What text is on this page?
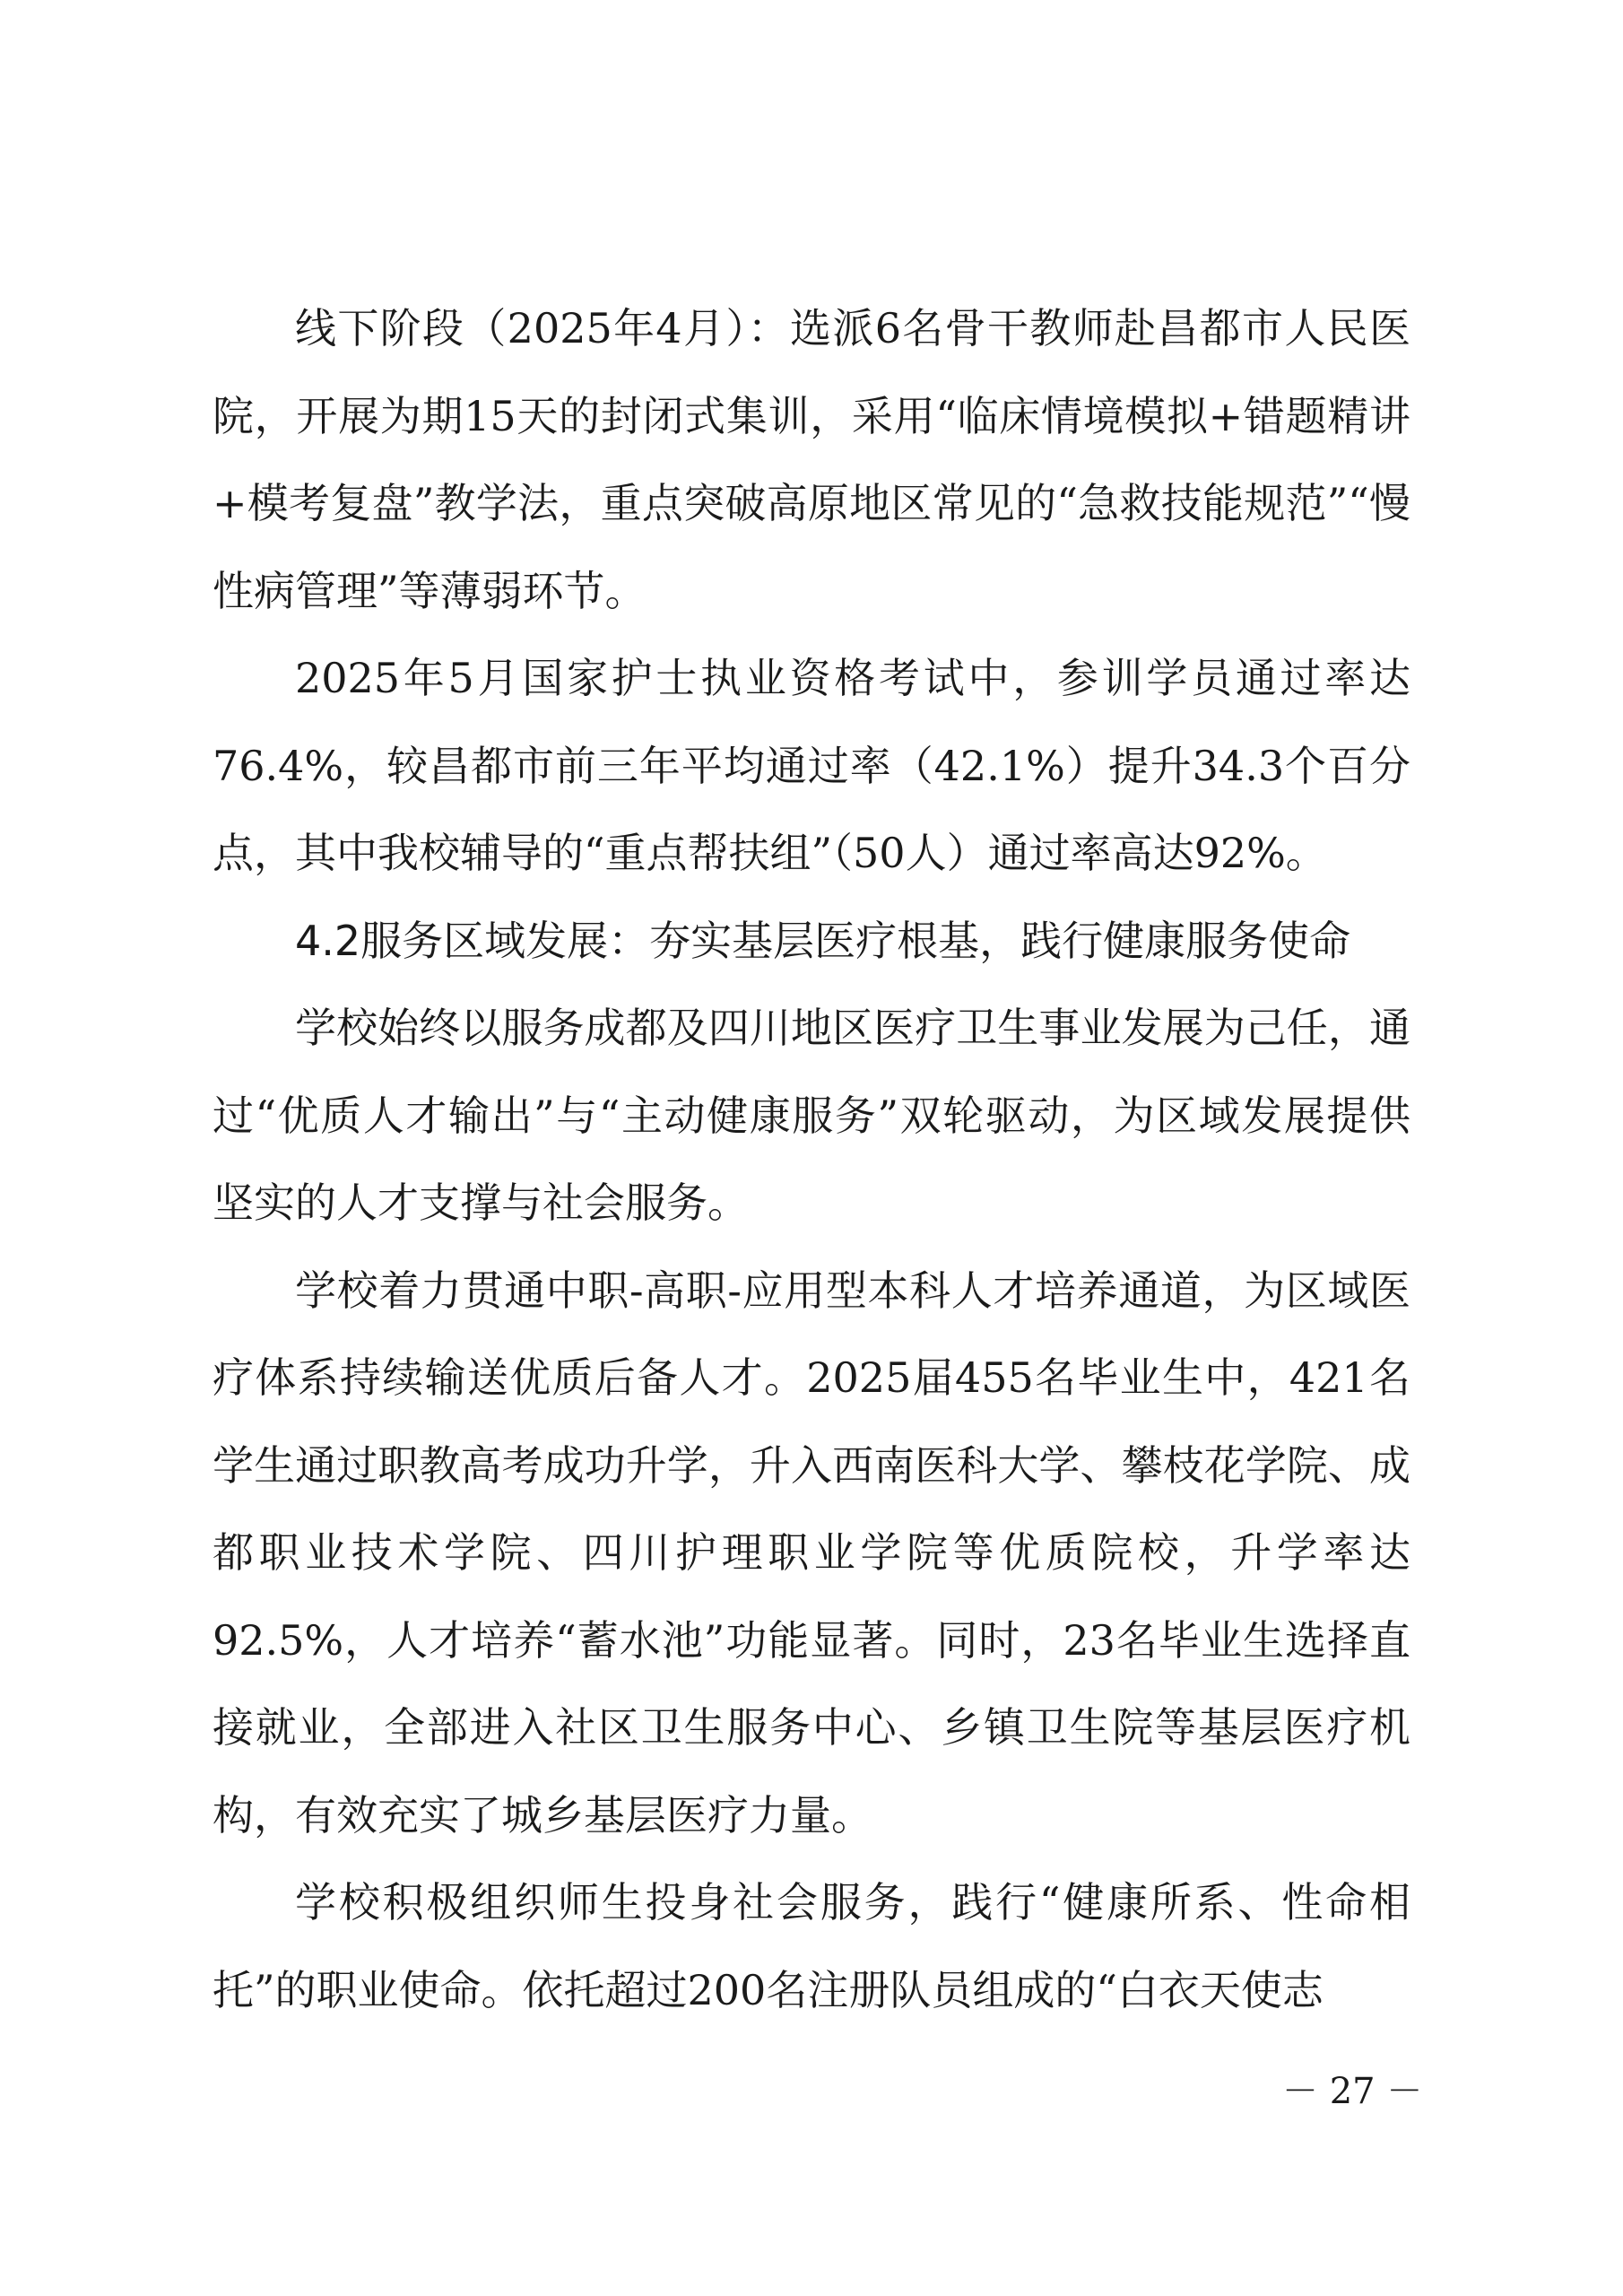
线下阶段（2025年4月）：选派6名骨干教师赴昌都市人民医院，开展为期15天的封闭式集训，采用“临床情境模拟+错题精讲+模考复盘”教学法，重点突破高原地区常见的“急救技能规范”“慢性病管理”等薄弱环节。

2025年5月国家护士执业资格考试中，参训学员通过率达76.4%，较昌都市前三年平均通过率（42.1%）提升34.3个百分点，其中我校辅导的“重点帮扶组”（50人）通过率高达92%。

4.2服务区域发展：夯实基层医疗根基，践行健康服务使命

学校始终以服务成都及四川地区医疗卫生事业发展为己任，通过“优质人才输出”与“主动健康服务”双轮驱动，为区域发展提供坚实的人才支撑与社会服务。

学校着力贯通中职-高职-应用型本科人才培养通道，为区域医疗体系持续输送优质后备人才。2025届455名毕业生中，421名学生通过职教高考成功升学，升入西南医科大学、攀枝花学院、成都职业技术学院、四川护理职业学院等优质院校，升学率达92.5%，人才培养“蓄水池”功能显著。同时，23名毕业生选择直接就业，全部进入社区卫生服务中心、乡镇卫生院等基层医疗机构，有效充实了城乡基层医疗力量。

学校积极组织师生投身社会服务，践行“健康所系、性命相托”的职业使命。依托超过200名注册队员组成的“白衣天使志

－ 27 －
